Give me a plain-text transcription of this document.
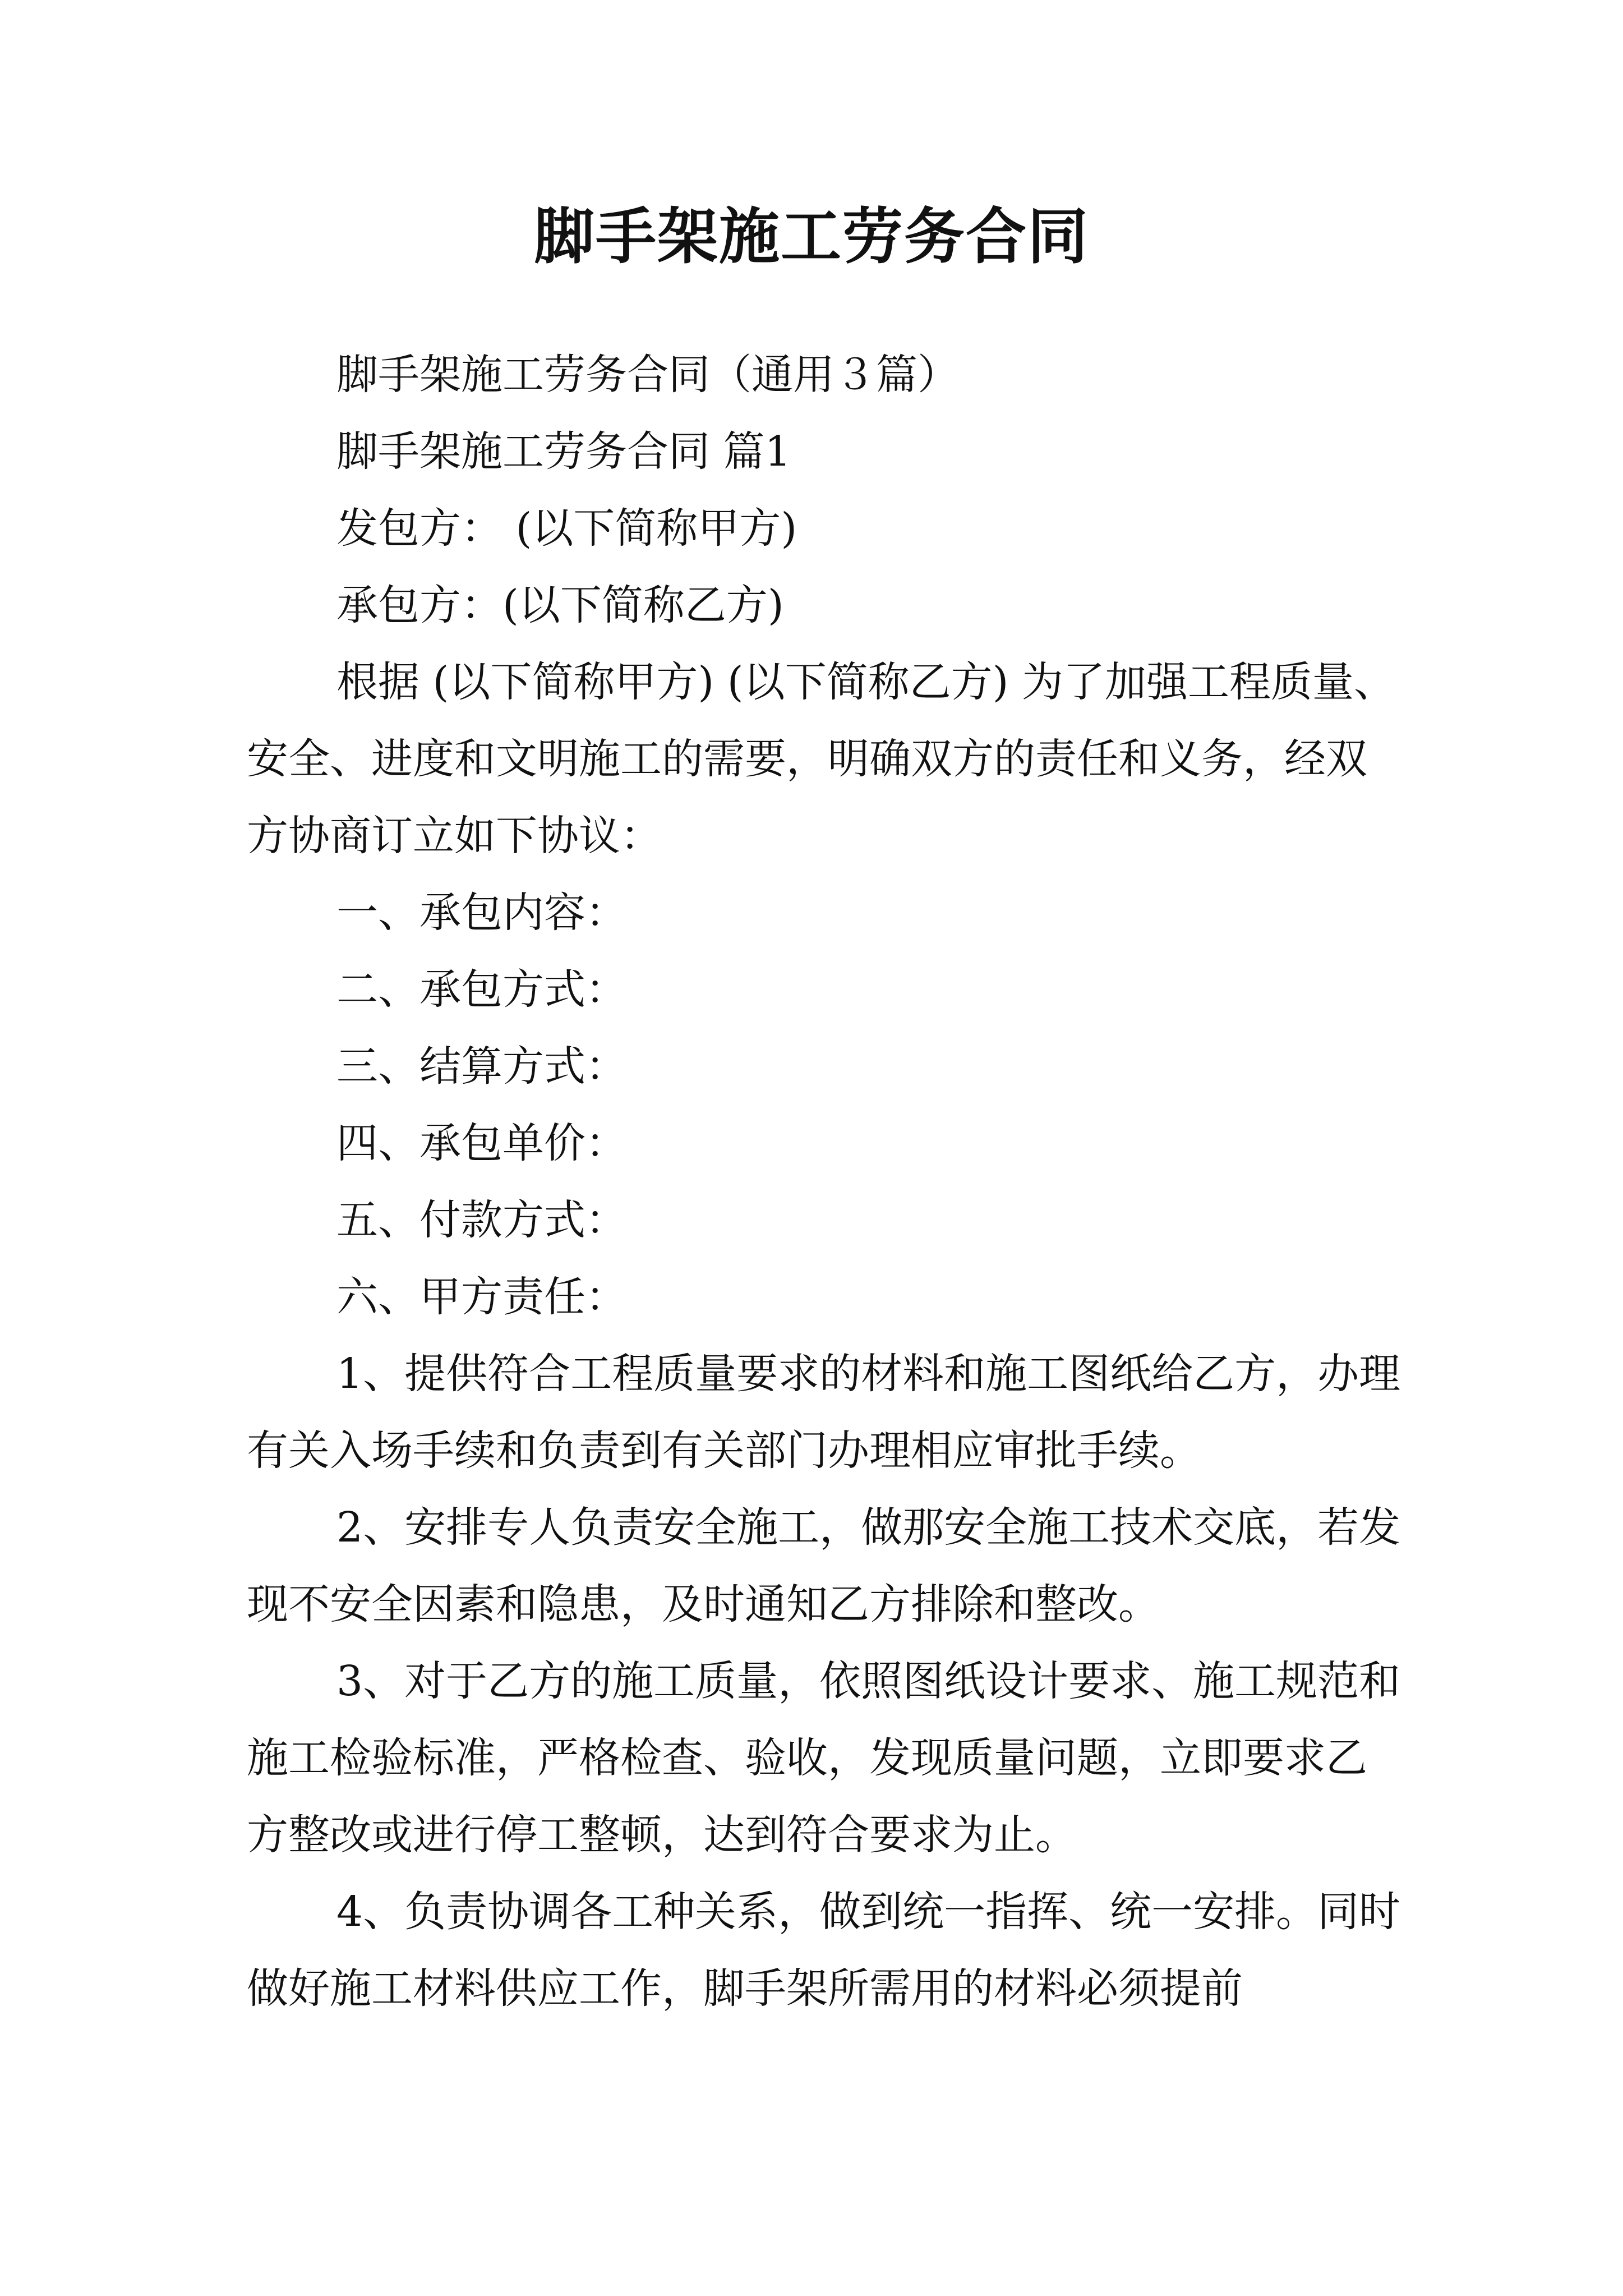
脚手架施工劳务合同

脚手架施工劳务合同（通用３篇）

脚手架施工劳务合同 篇1

发包方： (以下简称甲方)

承包方：(以下简称乙方)

根据 (以下简称甲方) (以下简称乙方) 为了加强工程质量、安全、进度和文明施工的需要，明确双方的责任和义务，经双方协商订立如下协议：

一、承包内容：

二、承包方式：

三、结算方式：

四、承包单价：

五、付款方式：

六、甲方责任：

1、提供符合工程质量要求的材料和施工图纸给乙方，办理 有关入场手续和负责到有关部门办理相应审批手续。

2、安排专人负责安全施工，做那安全施工技术交底，若发现不安全因素和隐患，及时通知乙方排除和整改。

3、对于乙方的施工质量，依照图纸设计要求、施工规范和施工检验标准，严格检查、验收，发现质量问题，立即要求乙方整改或进行停工整顿，达到符合要求为止。

4、负责协调各工种关系，做到统一指挥、统一安排。同时做好施工材料供应工作，脚手架所需用的材料必须提前
